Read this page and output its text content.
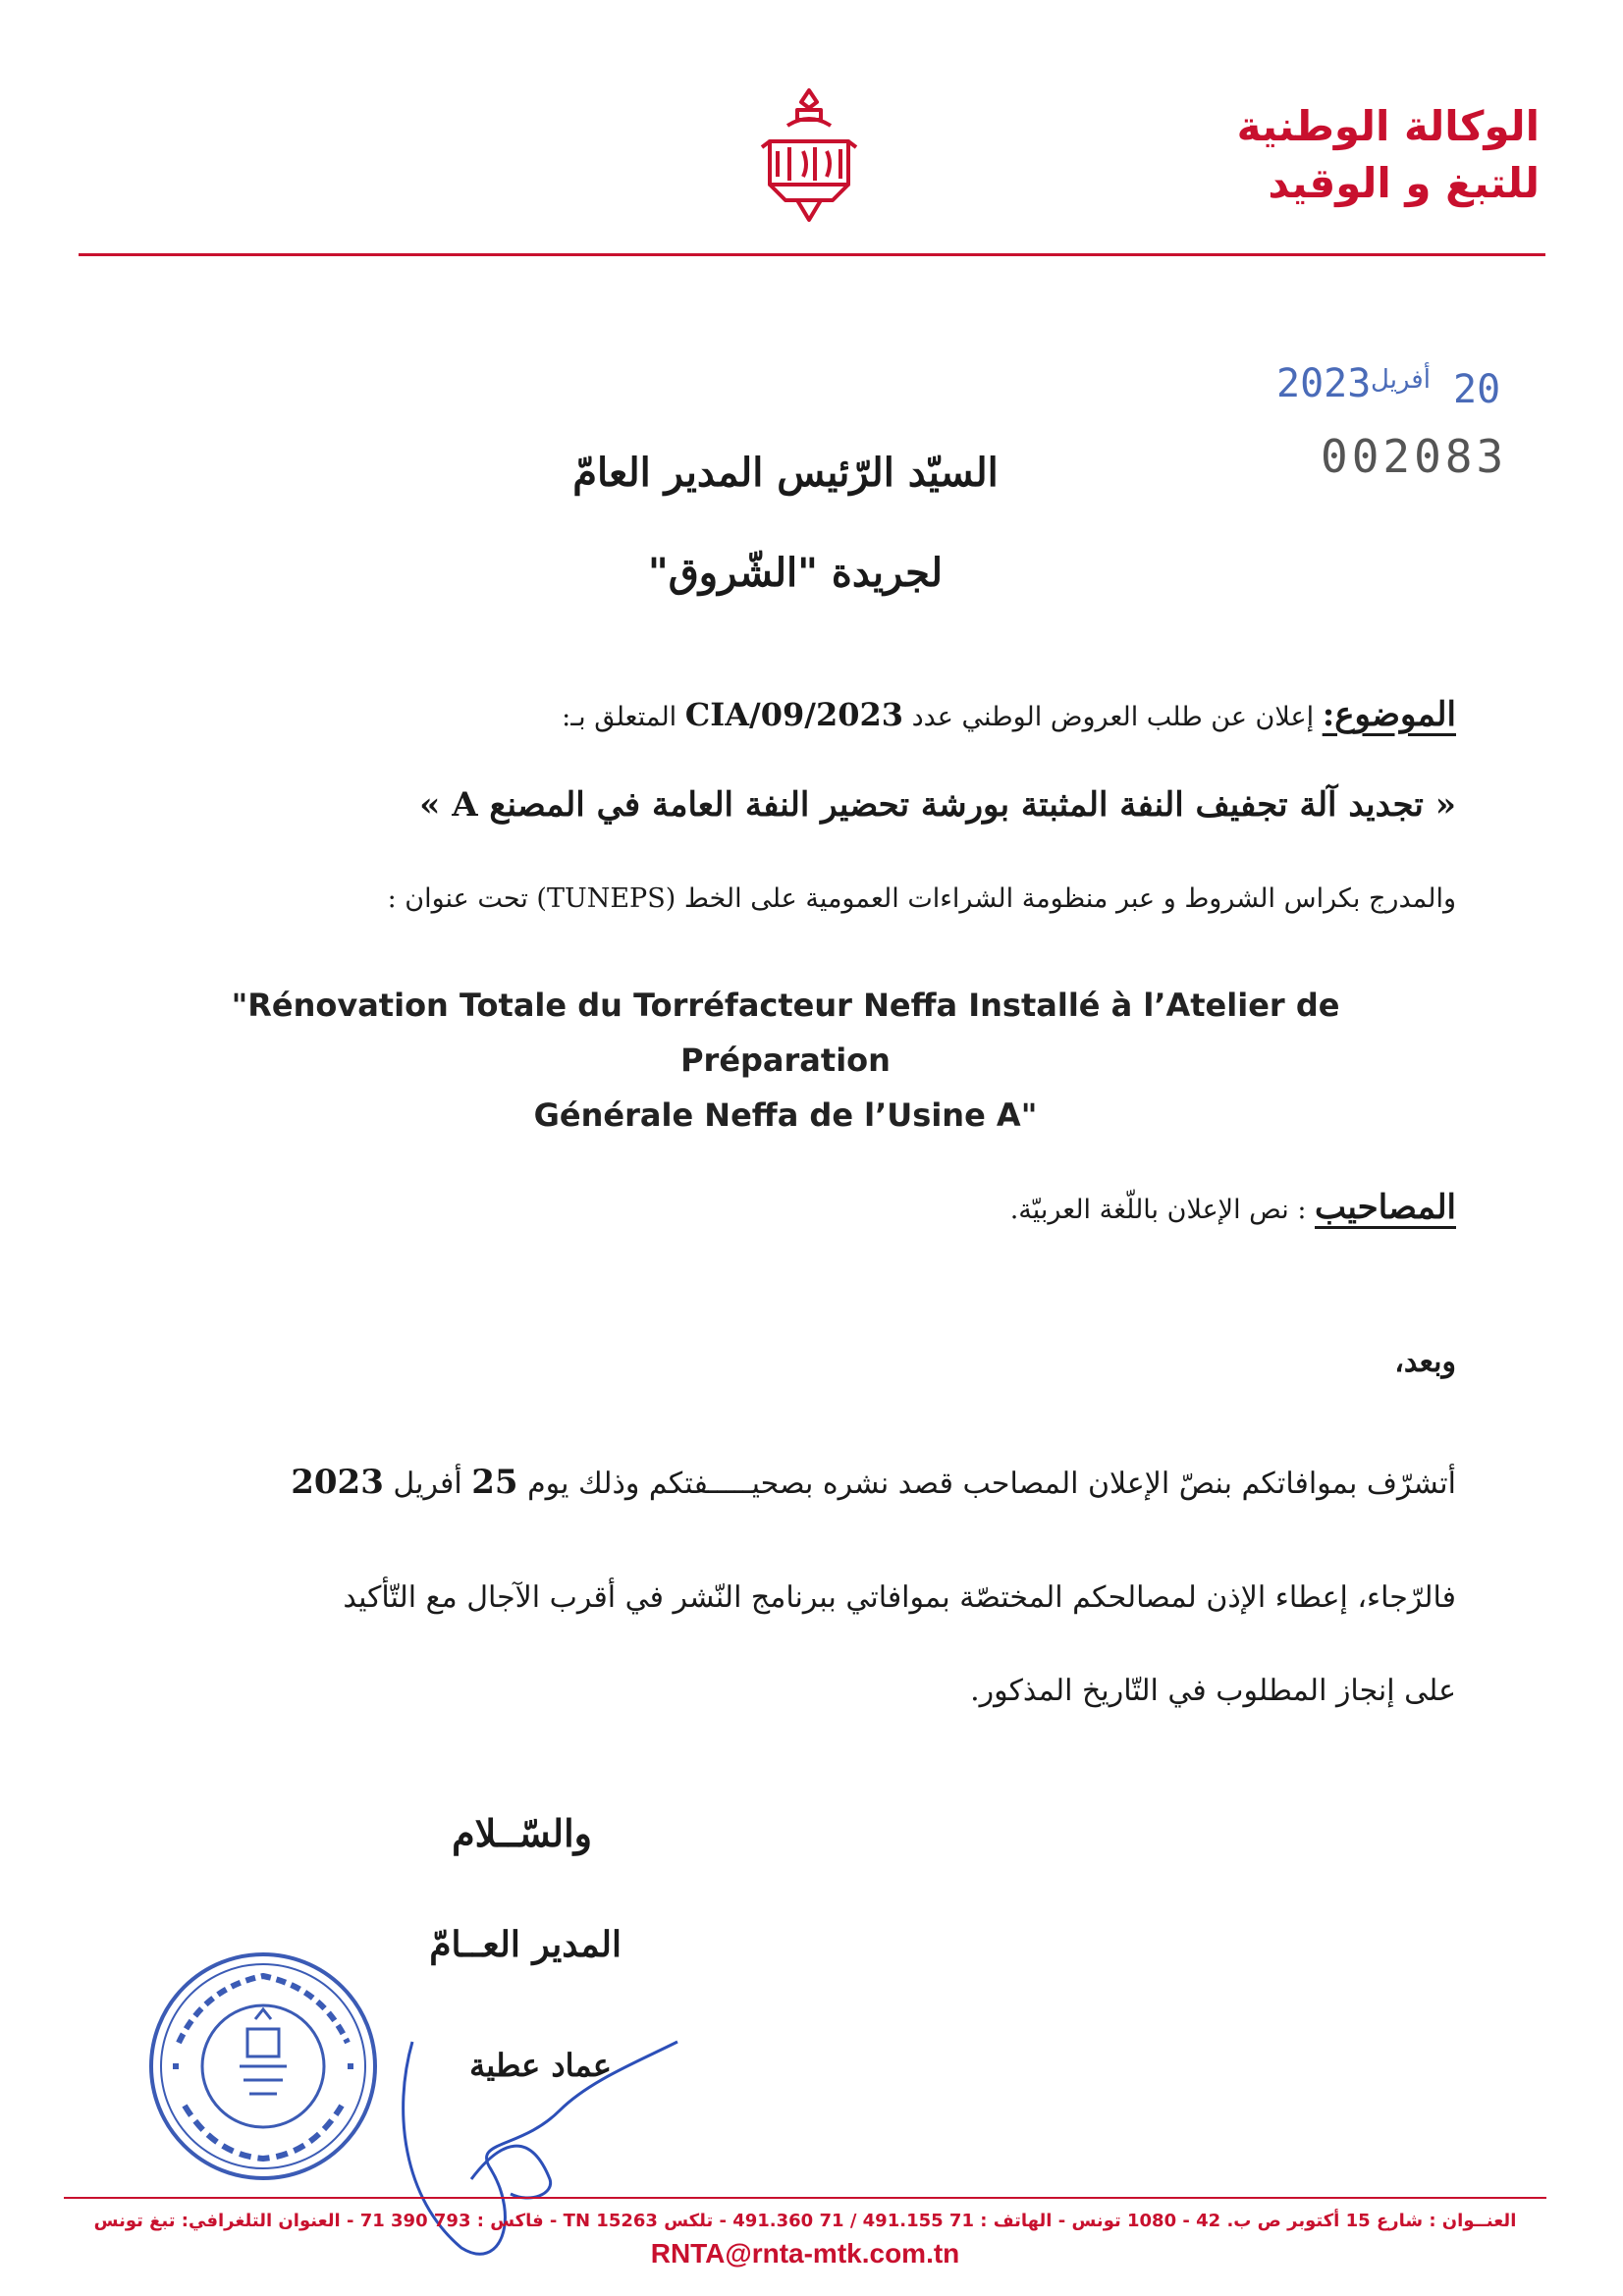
الوكالة الوطنية
للتبغ و الوقيد
2023 أفريل 20
002083
السيّد الرّئيس المدير العامّ
لجريدة "الشّروق"
الموضوع: إعلان عن طلب العروض الوطني عدد 2023/CIA/09 المتعلق بـ:
« تجديد آلة تجفيف النفة المثبتة بورشة تحضير النفة العامة في المصنع A »
والمدرج بكراس الشروط و عبر منظومة الشراءات العمومية على الخط (TUNEPS) تحت عنوان :
"Rénovation Totale du Torréfacteur Neffa Installé à l’Atelier de Préparation
Générale Neffa de l’Usine A"
المصاحيب : نص الإعلان باللّغة العربيّة.
وبعد،
أتشرّف بموافاتكم بنصّ الإعلان المصاحب قصد نشره بصحيـــــفتكم وذلك يوم 25 أفريل 2023
فالرّجاء، إعطاء الإذن لمصالحكم المختصّة بموافاتي ببرنامج النّشر في أقرب الآجال مع التّأكيد
على إنجاز المطلوب في التّاريخ المذكور.
والسّــلام
المدير العــامّ
عماد عطية
العنــوان : شارع 15 أكتوبر ص ب. 42 - 1080 تونس - الهاتف : 71 491.155 / 71 491.360 - تلكس 15263 TN - فاكس : 793 390 71 - العنوان التلغرافي: تبغ تونس
RNTA@rnta-mtk.com.tn
